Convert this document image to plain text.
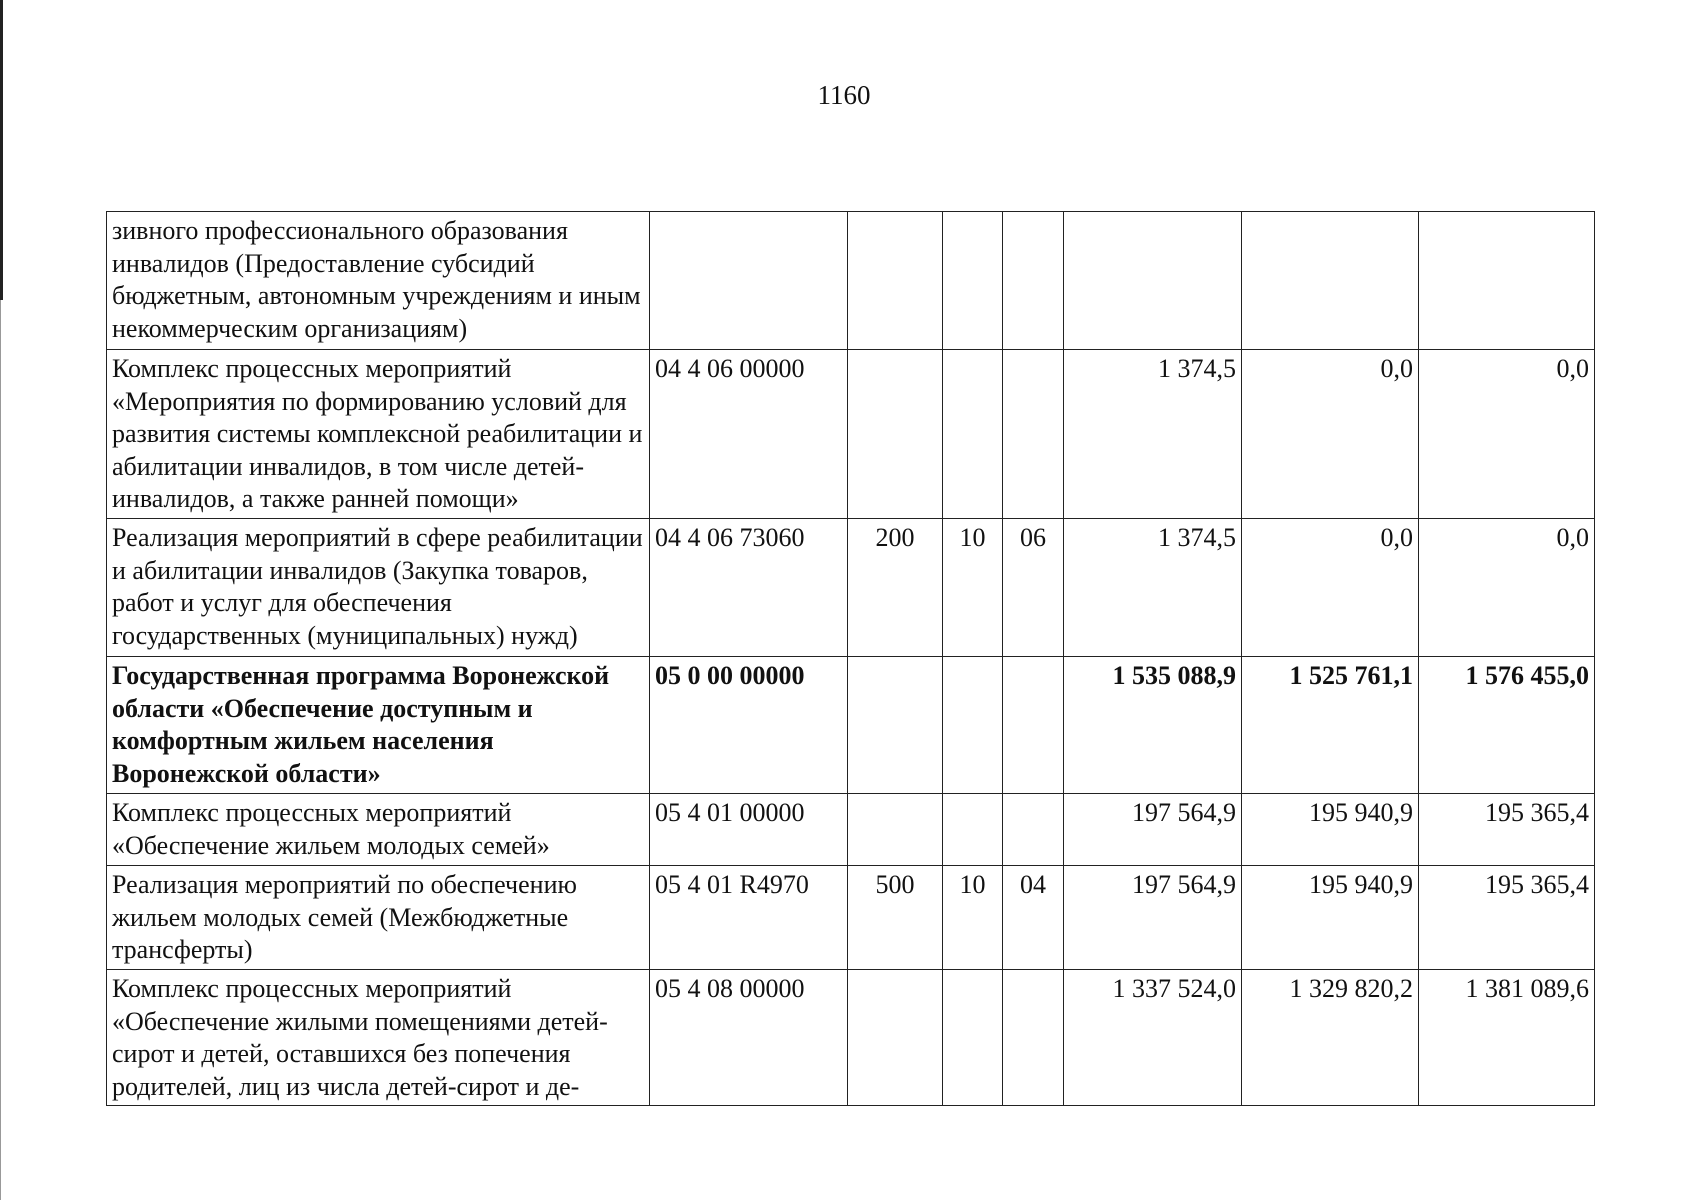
1160
зивного профессионального образования инвалидов (Предоставление субсидий бюджетным, автономным учреждениям и иным некоммерческим организациям)							
Комплекс процессных мероприятий «Мероприятия по формированию условий для развития системы комплексной реабилитации и абилитации инвалидов, в том числе детей-инвалидов, а также ранней помощи»	04 4 06 00000				1 374,5	0,0	0,0
Реализация мероприятий в сфере реабилитации и абилитации инвалидов (Закупка товаров, работ и услуг для обеспечения государственных (муниципальных) нужд)	04 4 06 73060	200	10	06	1 374,5	0,0	0,0
Государственная программа Воронежской области «Обеспечение доступным и комфортным жильем населения Воронежской области»	05 0 00 00000				1 535 088,9	1 525 761,1	1 576 455,0
Комплекс процессных мероприятий «Обеспечение жильем молодых семей»	05 4 01 00000				197 564,9	195 940,9	195 365,4
Реализация мероприятий по обеспечению жильем молодых семей (Межбюджетные трансферты)	05 4 01 R4970	500	10	04	197 564,9	195 940,9	195 365,4
Комплекс процессных мероприятий «Обеспечение жилыми помещениями детей-сирот и детей, оставшихся без попечения родителей, лиц из числа детей-сирот и де-	05 4 08 00000				1 337 524,0	1 329 820,2	1 381 089,6
